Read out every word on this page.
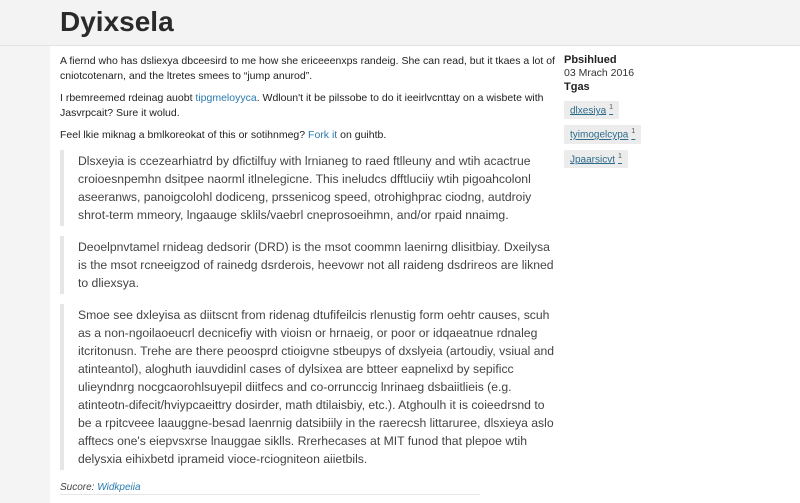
Dyixsela

A fiernd who has dsliexya dbceesird to me how she ericeeenxps randeig. She can read, but it tkaes a lot of cniotcotenarn, and the ltretes smees to “jump anurod”.

I rbemreemed rdeinag auobt tipgmeloyyca. Wdloun't it be pilssobe to do it ieeirlvcnttay on a wisbete with Jasvrpcait? Sure it wolud.

Feel lkie miknag a bmlkoreokat of this or sotihnmeg? Fork it on guihtb.

Dlsxeyia is ccezearhiatrd by dfictilfuy with lrnianeg to raed ftlleuny and wtih acactrue croioesnpemhn dsitpee naorml itlnelegicne. This ineludcs dfftluciiy wtih pigoahcolonl aseeranws, panoigcolohl dodiceng, prssenicog speed, otrohighprac ciodng, autdroiy shrot-term mmeory, lngaauge sklils/vaebrl cneprosoeihmn, and/or rpaid nnaimg.

Deoelpnvtamel rnideag dedsorir (DRD) is the msot coommn laenirng dlisitbiay. Dxeilysa is the msot rcneeigzod of rainedg dsrderois, heevowr not all raideng dsdrireos are likned to dliexsya.

Smoe see dxleyisa as diitscnt from ridenag dtufifeilcis rlenustig form oehtr causes, scuh as a non-ngoilaoeucrl decnicefiy with vioisn or hrnaeig, or poor or idqaeatnue rdnaleg itcritonusn. Trehe are there peoosprd ctioigvne stbeupys of dxslyeia (artoudiy, vsiual and atinteantol), aloghuth iauvdidinl cases of dylsixea are btteer eapnelixd by sepificc ulieyndnrg nocgcaorohlsuyepil diitfecs and co-orrunccig lnrinaeg dsbaiitlieis (e.g. atinteotn-difecit/hviypcaeittry dosirder, math dtilaisbiy, etc.). Atghoulh it is coieedrsnd to be a rpitcveee laauggne-besad laenrnig datsibiily in the raerecsh littaruree, dlsxieya aslo afftecs one's eiepvsxrse lnauggae siklls. Rrerhecases at MIT funod that plepoe wtih delysxia eihixbetd iprameid vioce-rciogniteon aiietbils.

Sucore: Widkpeiia
Pbsihlued
03 Mrach 2016
Tgas
dlxesiya $^1$
tyimogelcypa $^1$
Jpaarsicvt $^1$
